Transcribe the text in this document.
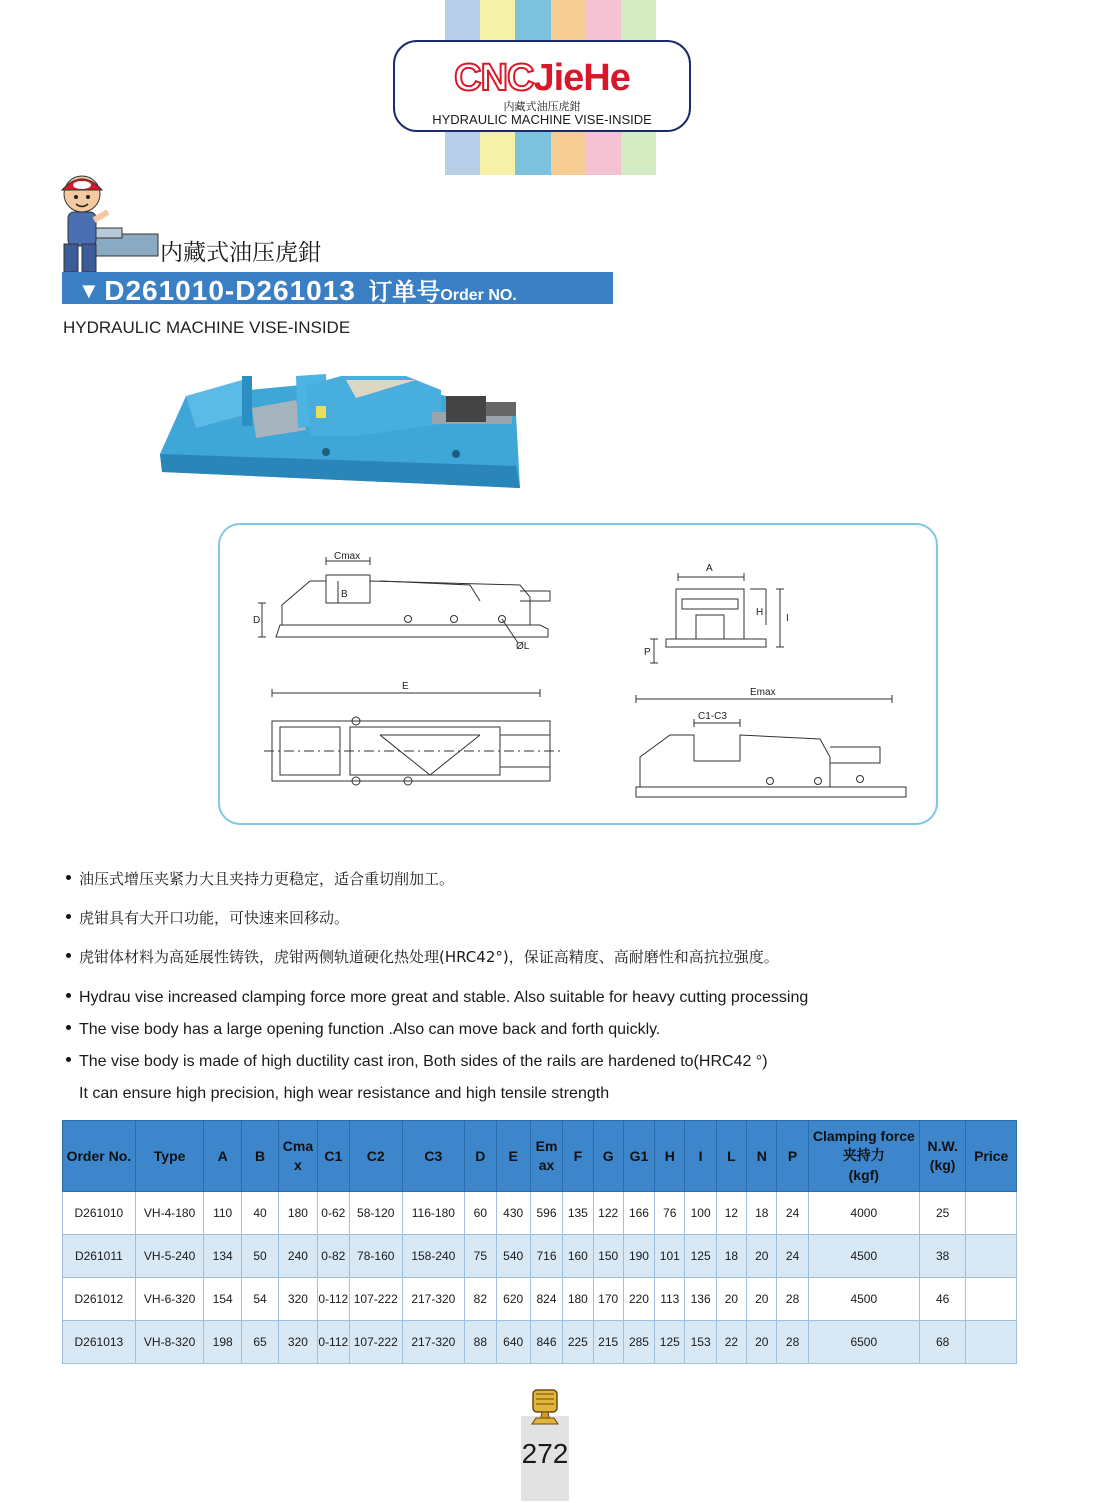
CNCJieHe
内藏式油压虎鉗
HYDRAULIC MACHINE VISE-INSIDE
内藏式油压虎鉗
▼ D261010-D261013 订单号Order NO.
HYDRAULIC MACHINE VISE-INSIDE
Cmax
B
D
ØL
A
H
I
P
E
Emax
C1-C3
油压式增压夹紧力大且夹持力更稳定，适合重切削加工。
虎钳具有大开口功能，可快速来回移动。
虎钳体材料为高延展性铸铁，虎钳两侧轨道硬化热处理(HRC42°)，保证高精度、高耐磨性和高抗拉强度。
Hydrau vise increased clamping force more great and stable. Also suitable for heavy cutting processing
The vise body has a large opening function .Also can move back and forth quickly.
The vise body is made of high ductility cast iron, Both sides of the rails are hardened to(HRC42 °)
It can ensure high precision, high wear resistance and high tensile strength
Order No.	Type	A	B	Cma
x	C1	C2	C3	D	E	Em
ax	F	G	G1	H	I	L	N	P	Clamping force
夹持力
(kgf)	N.W.
(kg)	Price
D261010	VH-4-180	110	40	180	0-62	58-120	116-180	60	430	596	135	122	166	76	100	12	18	24	4000	25	
D261011	VH-5-240	134	50	240	0-82	78-160	158-240	75	540	716	160	150	190	101	125	18	20	24	4500	38	
D261012	VH-6-320	154	54	320	0-112	107-222	217-320	82	620	824	180	170	220	113	136	20	20	28	4500	46	
D261013	VH-8-320	198	65	320	0-112	107-222	217-320	88	640	846	225	215	285	125	153	22	20	28	6500	68	
272
